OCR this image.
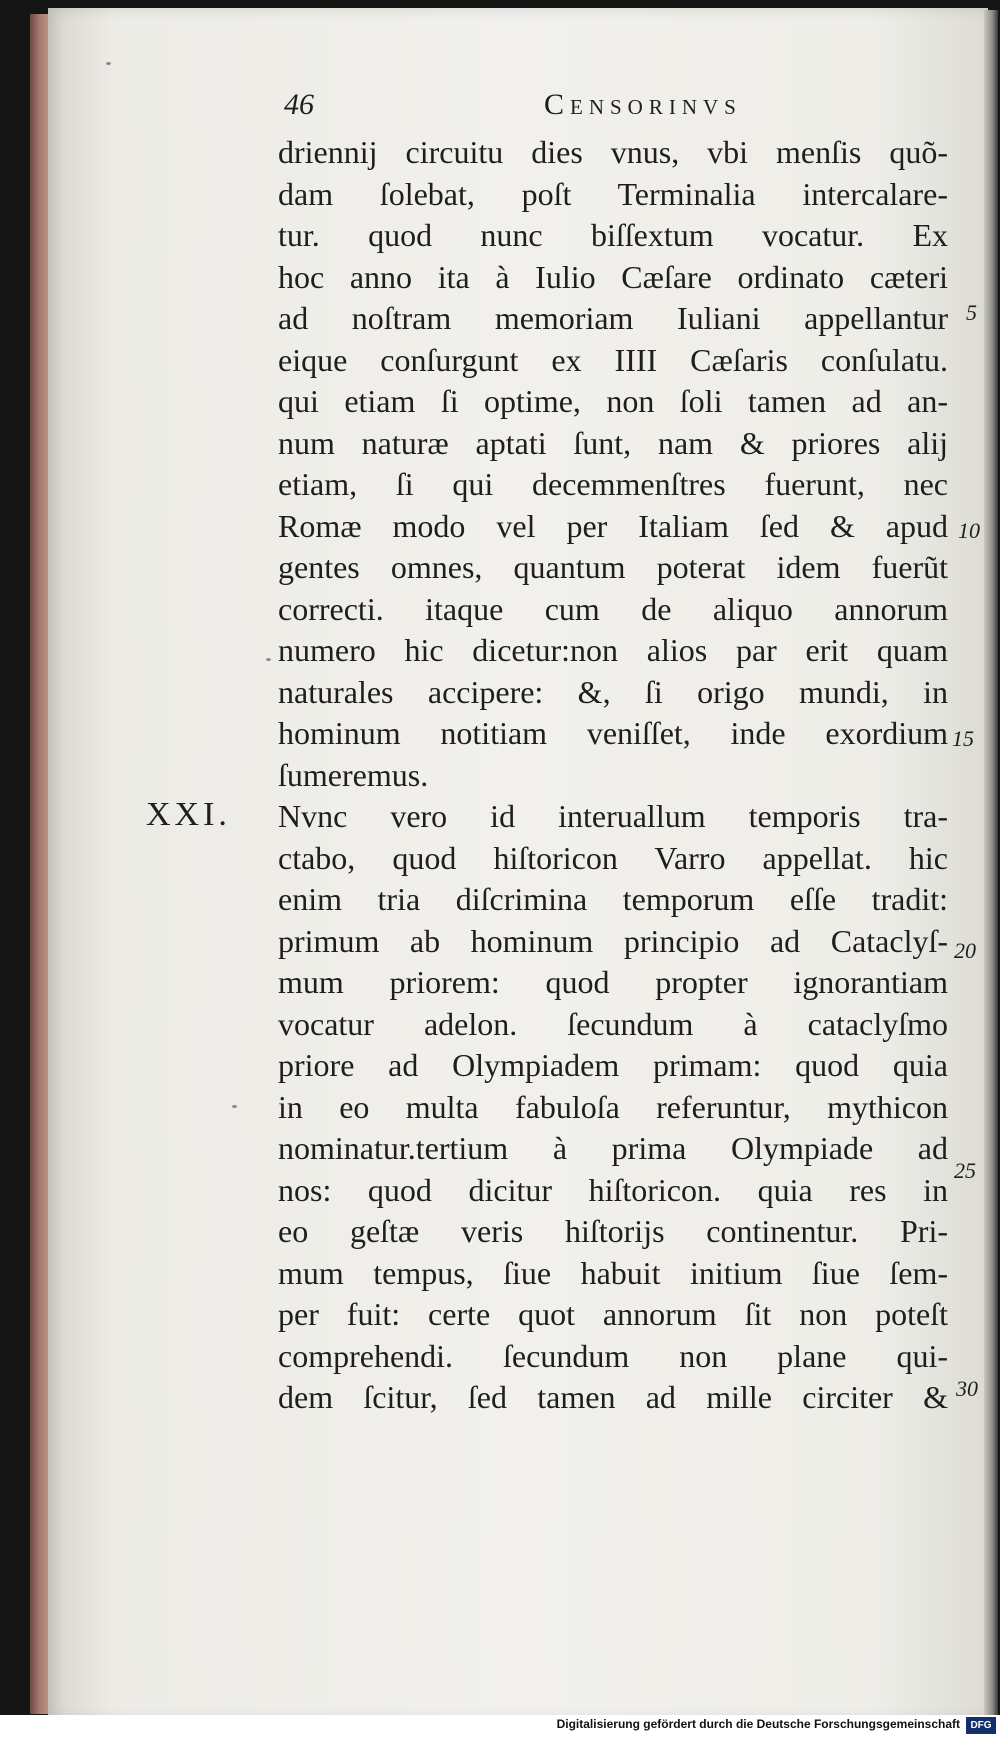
46	Censorinvs
XXI.
driennij circuitu dies vnus, vbi menſis quõ-
dam ſolebat, poſt Terminalia intercalare-
tur. quod nunc biſſextum vocatur. Ex
hoc anno ita à Iulio Cæſare ordinato cæteri
ad noſtram memoriam Iuliani appellantur
eique conſurgunt ex IIII Cæſaris conſulatu.
qui etiam ſi optime, non ſoli tamen ad an-
num naturæ aptati ſunt, nam & priores alij
etiam, ſi qui decemmenſtres fuerunt, nec
Romæ modo vel per Italiam ſed & apud
gentes omnes, quantum poterat idem fuerũt
correcti. itaque cum de aliquo annorum
numero hic dicetur:non alios par erit quam
naturales accipere: &, ſi origo mundi, in
hominum notitiam veniſſet, inde exordium
ſumeremus.
Nvnc vero id interuallum temporis tra-
ctabo, quod hiſtoricon Varro appellat. hic
enim tria diſcrimina temporum eſſe tradit:
primum ab hominum principio ad Cataclyſ-
mum priorem: quod propter ignorantiam
vocatur adelon. ſecundum à cataclyſmo
priore ad Olympiadem primam: quod quia
in eo multa fabuloſa referuntur, mythicon
nominatur.tertium à prima Olympiade ad
nos: quod dicitur hiſtoricon. quia res in
eo geſtæ veris hiſtorijs continentur. Pri-
mum tempus, ſiue habuit initium ſiue ſem-
per fuit: certe quot annorum ſit non poteſt
comprehendi. ſecundum non plane qui-
dem ſcitur, ſed tamen ad mille circiter &
5
10
15
20
25
30
Digitalisierung gefördert durch die Deutsche Forschungsgemeinschaft	DFG
